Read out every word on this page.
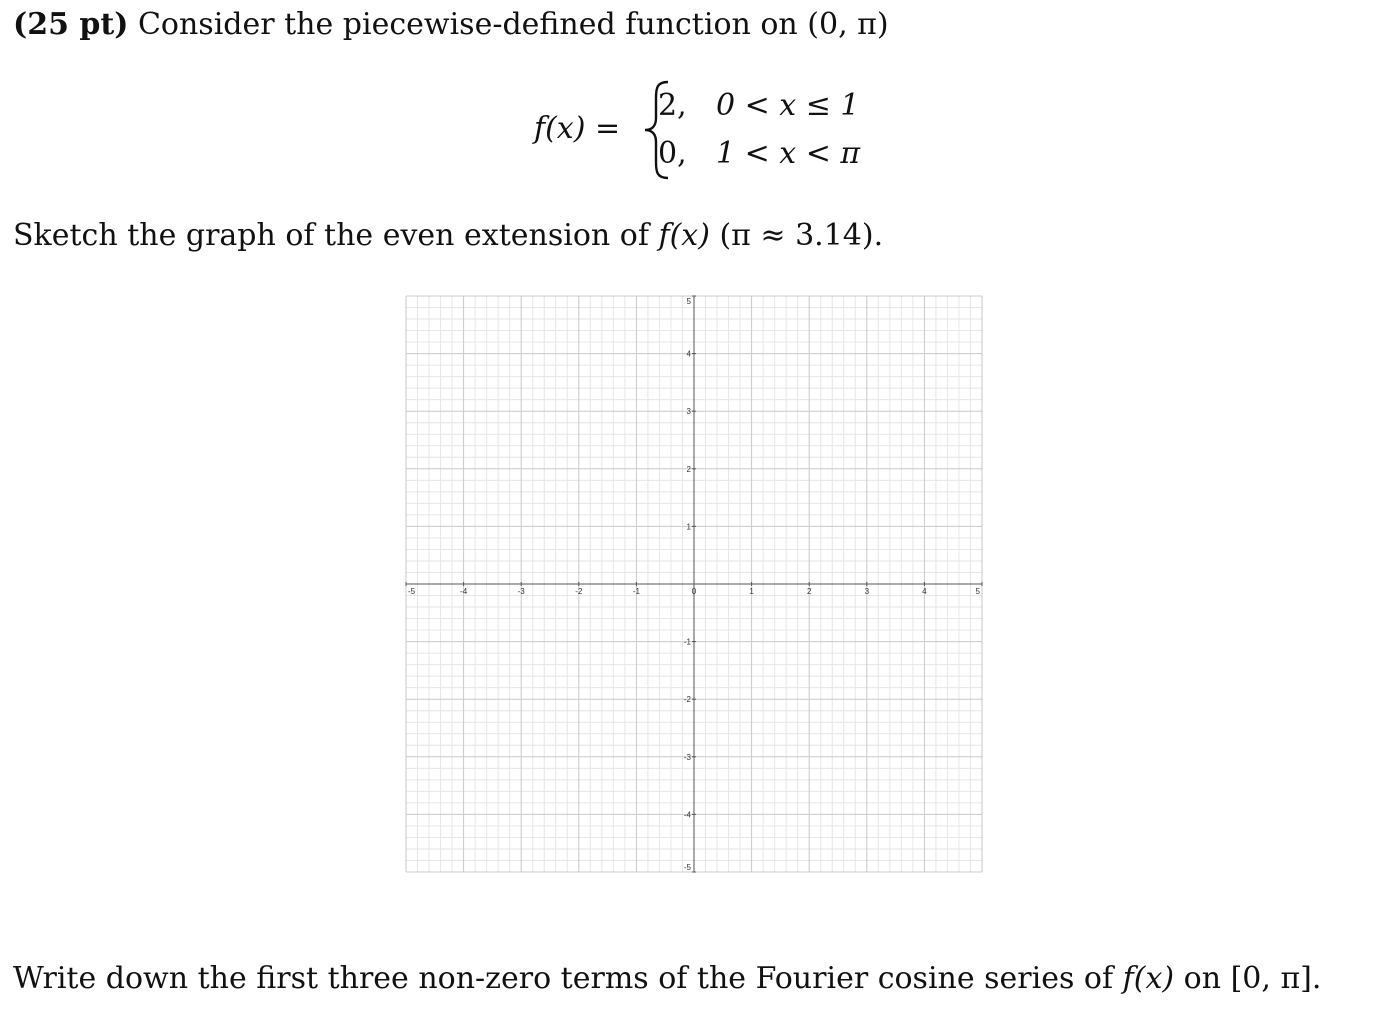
(25 pt) Consider the piecewise-defined function on (0, π)
f(x) =
2, 0 < x ≤ 1
0, 1 < x < π
Sketch the graph of the even extension of f(x) (π ≈ 3.14).
-5	-4	-3	-2	-1	0	1	2	3	4	5
5
4
3
2
1
-1
-2
-3
-4
-5
Write down the first three non-zero terms of the Fourier cosine series of f(x) on [0, π].
